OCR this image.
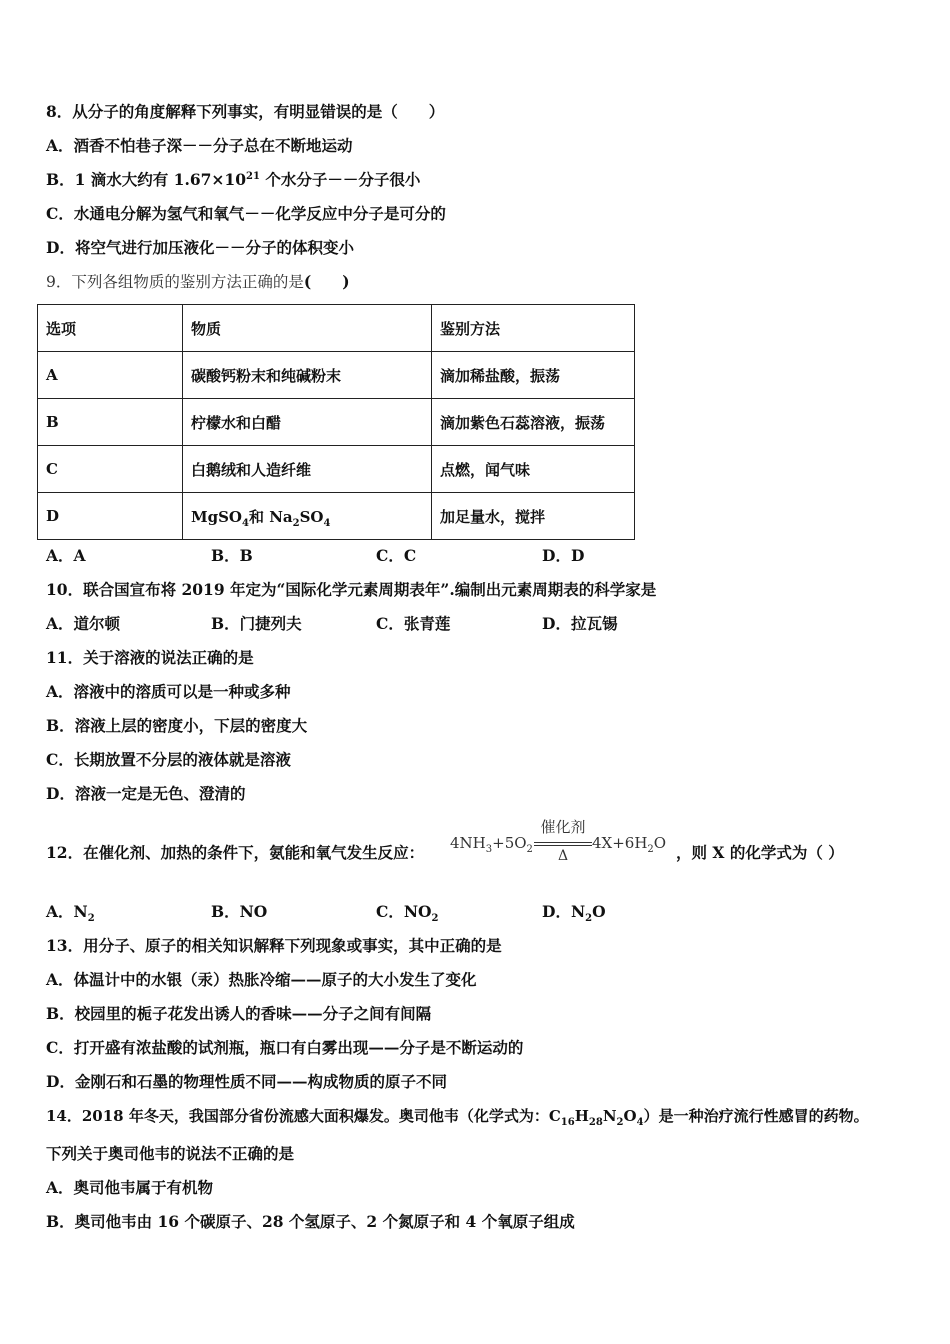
8．从分子的角度解释下列事实，有明显错误的是（　　）
A．酒香不怕巷子深－－分子总在不断地运动
B．1 滴水大约有 $1.67\times 10^{21}$ 个水分子－－分子很小
C．水通电分解为氢气和氧气－－化学反应中分子是可分的
D．将空气进行加压液化－－分子的体积变小
9．下列各组物质的鉴别方法正确的是(　　)
选项	物质	鉴别方法
A	碳酸钙粉末和纯碱粉末	滴加稀盐酸，振荡
B	柠檬水和白醋	滴加紫色石蕊溶液，振荡
C	白鹅绒和人造纤维	点燃，闻气味
D	MgSO$_4$和 $Na_2SO_4$	加足量水，搅拌
A．A	B．B	C．C	D．D
10．联合国宣布将 2019 年定为“国际化学元素周期表年”.编制出元素周期表的科学家是
A．道尔顿	B．门捷列夫	C．张青莲	D．拉瓦锡
11．关于溶液的说法正确的是
A．溶液中的溶质可以是一种或多种
B．溶液上层的密度小，下层的密度大
C．长期放置不分层的液体就是溶液
D．溶液一定是无色、澄清的
12．在催化剂、加热的条件下，氨能和氧气发生反应： $4NH_3+5O_2$
催化剂
Δ
$4X+6H_2O$ ，则 X 的化学式为（ ）
A．$N_2$	B．NO	C．$NO_2$	D．$N_2O$
13．用分子、原子的相关知识解释下列现象或事实，其中正确的是
A．体温计中的水银（汞）热胀冷缩——原子的大小发生了变化
B．校园里的栀子花发出诱人的香味——分子之间有间隔
C．打开盛有浓盐酸的试剂瓶，瓶口有白雾出现——分子是不断运动的
D．金刚石和石墨的物理性质不同——构成物质的原子不同
14．2018 年冬天，我国部分省份流感大面积爆发。奥司他韦（化学式为：$C_{16}H_{28}N_2O_4$）是一种治疗流行性感冒的药物。
下列关于奥司他韦的说法不正确的是
A．奥司他韦属于有机物
B．奥司他韦由 16 个碳原子、28 个氢原子、2 个氮原子和 4 个氧原子组成
